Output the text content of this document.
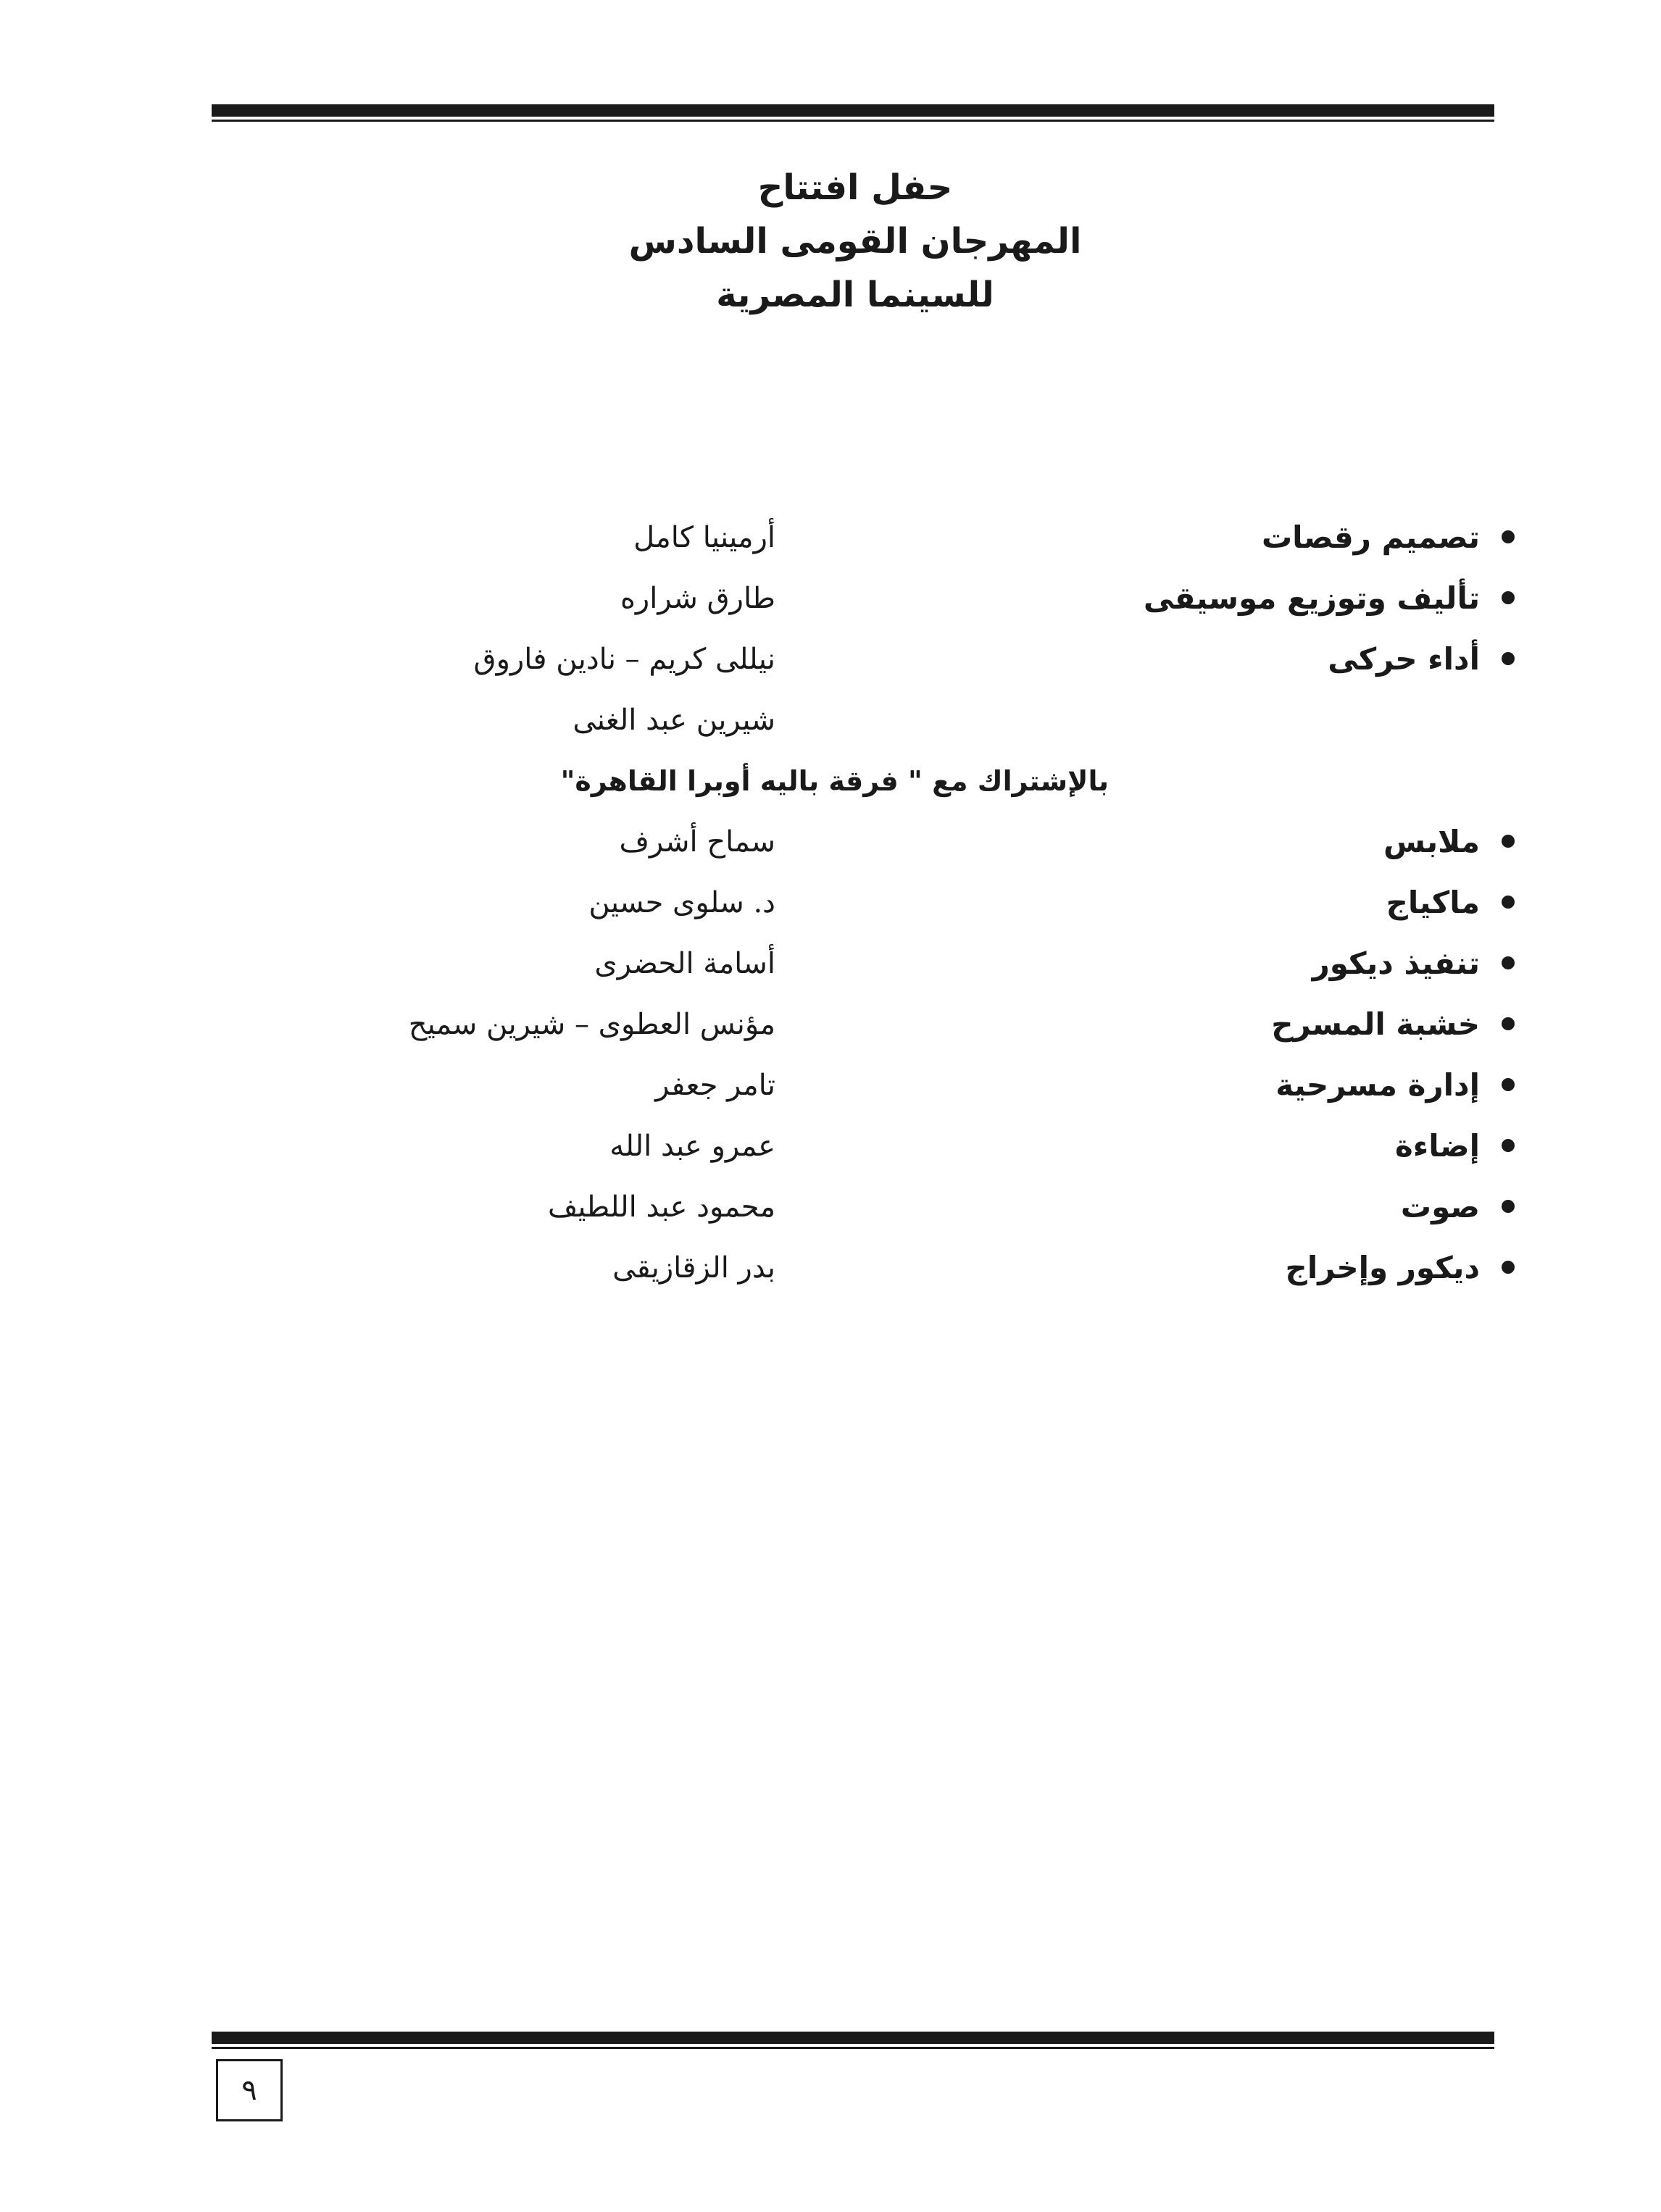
حفل افتتاح
المهرجان القومى السادس
للسينما المصرية
تصميم رقصات
أرمينيا كامل
تأليف وتوزيع موسيقى
طارق شراره
أداء حركى
نيللى كريم – نادين فاروق
شيرين عبد الغنى
بالإشتراك مع " فرقة باليه أوبرا القاهرة"
ملابس
سماح أشرف
ماكياج
د. سلوى حسين
تنفيذ ديكور
أسامة الحضرى
خشبة المسرح
مؤنس العطوى – شيرين سميح
إدارة مسرحية
تامر جعفر
إضاءة
عمرو عبد الله
صوت
محمود عبد اللطيف
ديكور وإخراج
بدر الزقازيقى
٩
